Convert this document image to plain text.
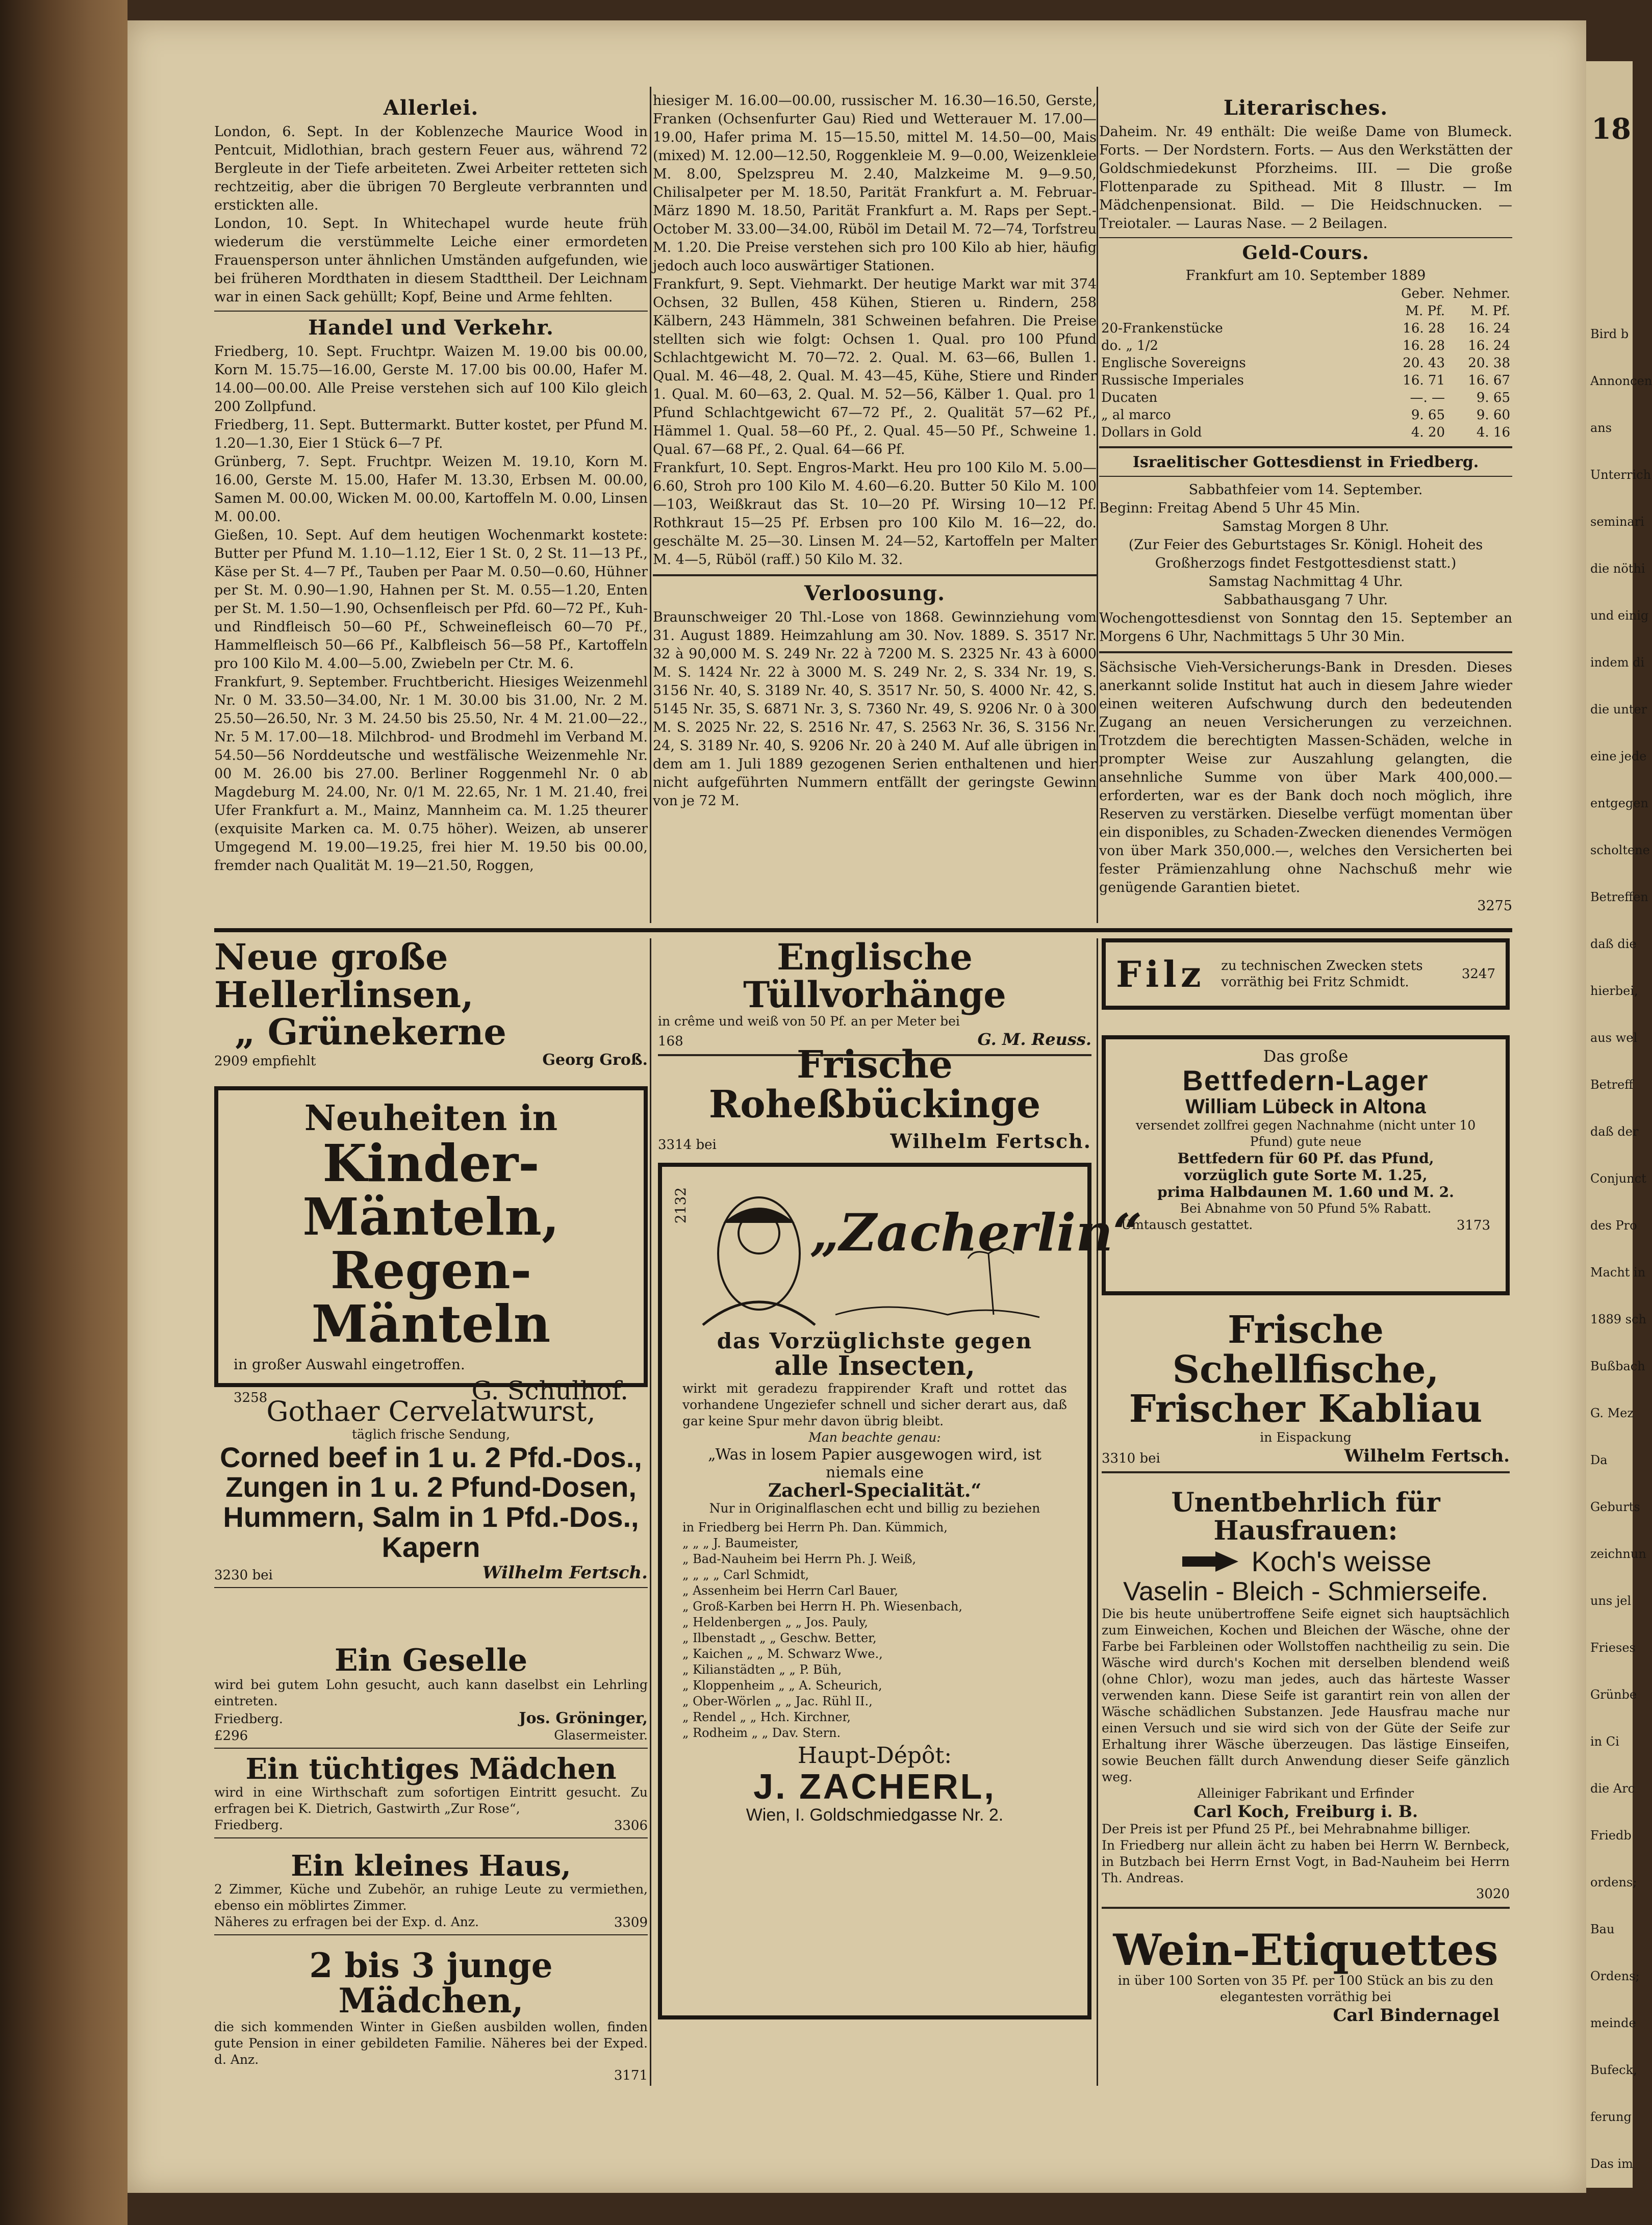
Allerlei.

London, 6. Sept. In der Koblenzeche Maurice Wood in Pentcuit, Midlothian, brach gestern Feuer aus, während 72 Bergleute in der Tiefe arbeiteten. Zwei Arbeiter retteten sich rechtzeitig, aber die übrigen 70 Bergleute verbrannten und erstickten alle.

London, 10. Sept. In Whitechapel wurde heute früh wiederum die verstümmelte Leiche einer ermordeten Frauensperson unter ähnlichen Umständen aufgefunden, wie bei früheren Mordthaten in diesem Stadttheil. Der Leichnam war in einen Sack gehüllt; Kopf, Beine und Arme fehlten.

Handel und Verkehr.

Friedberg, 10. Sept. Fruchtpr. Waizen M. 19.00 bis 00.00, Korn M. 15.75—16.00, Gerste M. 17.00 bis 00.00, Hafer M. 14.00—00.00. Alle Preise verstehen sich auf 100 Kilo gleich 200 Zollpfund.

Friedberg, 11. Sept. Buttermarkt. Butter kostet, per Pfund M. 1.20—1.30, Eier 1 Stück 6—7 Pf.

Grünberg, 7. Sept. Fruchtpr. Weizen M. 19.10, Korn M. 16.00, Gerste M. 15.00, Hafer M. 13.30, Erbsen M. 00.00, Samen M. 00.00, Wicken M. 00.00, Kartoffeln M. 0.00, Linsen M. 00.00.

Gießen, 10. Sept. Auf dem heutigen Wochenmarkt kostete: Butter per Pfund M. 1.10—1.12, Eier 1 St. 0, 2 St. 11—13 Pf., Käse per St. 4—7 Pf., Tauben per Paar M. 0.50—0.60, Hühner per St. M. 0.90—1.90, Hahnen per St. M. 0.55—1.20, Enten per St. M. 1.50—1.90, Ochsenfleisch per Pfd. 60—72 Pf., Kuh- und Rindfleisch 50—60 Pf., Schweinefleisch 60—70 Pf., Hammelfleisch 50—66 Pf., Kalbfleisch 56—58 Pf., Kartoffeln pro 100 Kilo M. 4.00—5.00, Zwiebeln per Ctr. M. 6.

Frankfurt, 9. September. Fruchtbericht. Hiesiges Weizenmehl Nr. 0 M. 33.50—34.00, Nr. 1 M. 30.00 bis 31.00, Nr. 2 M. 25.50—26.50, Nr. 3 M. 24.50 bis 25.50, Nr. 4 M. 21.00—22., Nr. 5 M. 17.00—18. Milchbrod- und Brodmehl im Verband M. 54.50—56 Norddeutsche und westfälische Weizenmehle Nr. 00 M. 26.00 bis 27.00. Berliner Roggenmehl Nr. 0 ab Magdeburg M. 24.00, Nr. 0/1 M. 22.65, Nr. 1 M. 21.40, frei Ufer Frankfurt a. M., Mainz, Mannheim ca. M. 1.25 theurer (exquisite Marken ca. M. 0.75 höher). Weizen, ab unserer Umgegend M. 19.00—19.25, frei hier M. 19.50 bis 00.00, fremder nach Qualität M. 19—21.50, Roggen,

hiesiger M. 16.00—00.00, russischer M. 16.30—16.50, Gerste, Franken (Ochsenfurter Gau) Ried und Wetterauer M. 17.00—19.00, Hafer prima M. 15—15.50, mittel M. 14.50—00, Mais (mixed) M. 12.00—12.50, Roggenkleie M. 9—0.00, Weizenkleie M. 8.00, Spelzspreu M. 2.40, Malzkeime M. 9—9.50, Chilisalpeter per M. 18.50, Parität Frankfurt a. M. Februar-März 1890 M. 18.50, Parität Frankfurt a. M. Raps per Sept.-October M. 33.00—34.00, Rüböl im Detail M. 72—74, Torfstreu M. 1.20. Die Preise verstehen sich pro 100 Kilo ab hier, häufig jedoch auch loco auswärtiger Stationen.

Frankfurt, 9. Sept. Viehmarkt. Der heutige Markt war mit 374 Ochsen, 32 Bullen, 458 Kühen, Stieren u. Rindern, 258 Kälbern, 243 Hämmeln, 381 Schweinen befahren. Die Preise stellten sich wie folgt: Ochsen 1. Qual. pro 100 Pfund Schlachtgewicht M. 70—72. 2. Qual. M. 63—66, Bullen 1. Qual. M. 46—48, 2. Qual. M. 43—45, Kühe, Stiere und Rinder 1. Qual. M. 60—63, 2. Qual. M. 52—56, Kälber 1. Qual. pro 1 Pfund Schlachtgewicht 67—72 Pf., 2. Qualität 57—62 Pf., Hämmel 1. Qual. 58—60 Pf., 2. Qual. 45—50 Pf., Schweine 1. Qual. 67—68 Pf., 2. Qual. 64—66 Pf.

Frankfurt, 10. Sept. Engros-Markt. Heu pro 100 Kilo M. 5.00—6.60, Stroh pro 100 Kilo M. 4.60—6.20. Butter 50 Kilo M. 100—103, Weißkraut das St. 10—20 Pf. Wirsing 10—12 Pf. Rothkraut 15—25 Pf. Erbsen pro 100 Kilo M. 16—22, do. geschälte M. 25—30. Linsen M. 24—52, Kartoffeln per Malter M. 4—5, Rüböl (raff.) 50 Kilo M. 32.

Verloosung.

Braunschweiger 20 Thl.-Lose von 1868. Gewinnziehung vom 31. August 1889. Heimzahlung am 30. Nov. 1889. S. 3517 Nr. 32 à 90,000 M. S. 249 Nr. 22 à 7200 M. S. 2325 Nr. 43 à 6000 M. S. 1424 Nr. 22 à 3000 M. S. 249 Nr. 2, S. 334 Nr. 19, S. 3156 Nr. 40, S. 3189 Nr. 40, S. 3517 Nr. 50, S. 4000 Nr. 42, S. 5145 Nr. 35, S. 6871 Nr. 3, S. 7360 Nr. 49, S. 9206 Nr. 0 à 300 M. S. 2025 Nr. 22, S. 2516 Nr. 47, S. 2563 Nr. 36, S. 3156 Nr. 24, S. 3189 Nr. 40, S. 9206 Nr. 20 à 240 M. Auf alle übrigen in dem am 1. Juli 1889 gezogenen Serien enthaltenen und hier nicht aufgeführten Nummern entfällt der geringste Gewinn von je 72 M.

Literarisches.

Daheim. Nr. 49 enthält: Die weiße Dame von Blumeck. Forts. — Der Nordstern. Forts. — Aus den Werkstätten der Goldschmiedekunst Pforzheims. III. — Die große Flottenparade zu Spithead. Mit 8 Illustr. — Im Mädchenpensionat. Bild. — Die Heidschnucken. — Treiotaler. — Lauras Nase. — 2 Beilagen.

Geld-Cours.

Frankfurt am 10. September 1889

	Geber.	Nehmer.
	M. Pf.	M. Pf.
20-Frankenstücke	16. 28	16. 24
do. „ 1/2	16. 28	16. 24
Englische Sovereigns	20. 43	20. 38
Russische Imperiales	16. 71	16. 67
Ducaten	—. —	9. 65
„ al marco	9. 65	9. 60
Dollars in Gold	4. 20	4. 16

Israelitischer Gottesdienst in Friedberg.

Sabbathfeier vom 14. September.

Beginn: Freitag Abend 5 Uhr 45 Min.

Samstag Morgen 8 Uhr.

(Zur Feier des Geburtstages Sr. Königl. Hoheit des Großherzogs findet Festgottesdienst statt.)

Samstag Nachmittag 4 Uhr.

Sabbathausgang 7 Uhr.

Wochengottesdienst von Sonntag den 15. September an Morgens 6 Uhr, Nachmittags 5 Uhr 30 Min.

Sächsische Vieh-Versicherungs-Bank in Dresden. Dieses anerkannt solide Institut hat auch in diesem Jahre wieder einen weiteren Aufschwung durch den bedeutenden Zugang an neuen Versicherungen zu verzeichnen. Trotzdem die berechtigten Massen-Schäden, welche in prompter Weise zur Auszahlung gelangten, die ansehnliche Summe von über Mark 400,000.— erforderten, war es der Bank doch noch möglich, ihre Reserven zu verstärken. Dieselbe verfügt momentan über ein disponibles, zu Schaden-Zwecken dienendes Vermögen von über Mark 350,000.—, welches den Versicherten bei fester Prämienzahlung ohne Nachschuß mehr wie genügende Garantien bietet.

3275

Neue große Hellerlinsen,
„ Grünekerne
2909 empfiehlt	Georg Groß.
Neuheiten in
Kinder-Mänteln,
Regen-Mänteln
in großer Auswahl eingetroffen.
3258	G. Schulhof.
Gothaer Cervelatwurst,
täglich frische Sendung,
Corned beef in 1 u. 2 Pfd.-Dos.,
Zungen in 1 u. 2 Pfund-Dosen,
Hummern, Salm in 1 Pfd.-Dos.,
Kapern
3230 bei	Wilhelm Fertsch.
Ein Geselle

wird bei gutem Lohn gesucht, auch kann daselbst ein Lehrling eintreten.

Friedberg.	Jos. Gröninger,
£296	Glasermeister.
Ein tüchtiges Mädchen

wird in eine Wirthschaft zum sofortigen Eintritt gesucht. Zu erfragen bei K. Dietrich, Gastwirth „Zur Rose“,

Friedberg.	3306
Ein kleines Haus,

2 Zimmer, Küche und Zubehör, an ruhige Leute zu vermiethen, ebenso ein möblirtes Zimmer.

Näheres zu erfragen bei der Exp. d. Anz.	3309
2 bis 3 junge Mädchen,

die sich kommenden Winter in Gießen ausbilden wollen, finden gute Pension in einer gebildeten Familie. Näheres bei der Exped. d. Anz.

3171
Englische Tüllvorhänge
in crême und weiß von 50 Pf. an per Meter bei
168	G. M. Reuss.
Frische Roheßbückinge
3314 bei	Wilhelm Fertsch.
2132 „Zacherlin“
das Vorzüglichste gegen
alle Insecten,

wirkt mit geradezu frappirender Kraft und rottet das vorhandene Ungeziefer schnell und sicher derart aus, daß gar keine Spur mehr davon übrig bleibt.

Man beachte genau:
„Was in losem Papier ausgewogen wird, ist niemals eine
Zacherl-Specialität.“
Nur in Originalflaschen echt und billig zu beziehen
in Friedberg bei Herrn Ph. Dan. Kümmich,
„ „ „ J. Baumeister,
„ Bad-Nauheim bei Herrn Ph. J. Weiß,
„ „ „ „ Carl Schmidt,
„ Assenheim bei Herrn Carl Bauer,
„ Groß-Karben bei Herrn H. Ph. Wiesenbach,
„ Heldenbergen „ „ Jos. Pauly,
„ Ilbenstadt „ „ Geschw. Better,
„ Kaichen „ „ M. Schwarz Wwe.,
„ Kilianstädten „ „ P. Büh,
„ Kloppenheim „ „ A. Scheurich,
„ Ober-Wörlen „ „ Jac. Rühl II.,
„ Rendel „ „ Hch. Kirchner,
„ Rodheim „ „ Dav. Stern.
Haupt-Dépôt:
J. ZACHERL,
Wien, I. Goldschmiedgasse Nr. 2.
Filz zu technischen Zwecken stets vorräthig bei Fritz Schmidt.
3247
Das große
Bettfedern-Lager
William Lübeck in Altona
versendet zollfrei gegen Nachnahme (nicht unter 10 Pfund) gute neue
Bettfedern für 60 Pf. das Pfund,
vorzüglich gute Sorte M. 1.25,
prima Halbdaunen M. 1.60 und M. 2.
Bei Abnahme von 50 Pfund 5% Rabatt.
Umtausch gestattet.	3173
Frische Schellfische,
Frischer Kabliau
in Eispackung
3310 bei	Wilhelm Fertsch.
Unentbehrlich für Hausfrauen:
Koch's weisse
Vaselin - Bleich - Schmierseife.

Die bis heute unübertroffene Seife eignet sich hauptsächlich zum Einweichen, Kochen und Bleichen der Wäsche, ohne der Farbe bei Farbleinen oder Wollstoffen nachtheilig zu sein. Die Wäsche wird durch's Kochen mit derselben blendend weiß (ohne Chlor), wozu man jedes, auch das härteste Wasser verwenden kann. Diese Seife ist garantirt rein von allen der Wäsche schädlichen Substanzen. Jede Hausfrau mache nur einen Versuch und sie wird sich von der Güte der Seife zur Erhaltung ihrer Wäsche überzeugen. Das lästige Einseifen, sowie Beuchen fällt durch Anwendung dieser Seife gänzlich weg.

Alleiniger Fabrikant und Erfinder
Carl Koch, Freiburg i. B.

Der Preis ist per Pfund 25 Pf., bei Mehrabnahme billiger.

In Friedberg nur allein ächt zu haben bei Herrn W. Bernbeck, in Butzbach bei Herrn Ernst Vogt, in Bad-Nauheim bei Herrn Th. Andreas.

3020
Wein-Etiquettes
in über 100 Sorten von 35 Pf. per 100 Stück an bis zu den elegantesten vorräthig bei
Carl Bindernagel
18
Bird b
Annoncen
ans
Unterrich
seminari
die nöthi
und einig
indem di
die unter
eine jede
entgegen
scholtene
Betreffen
daß die
hierbei,
aus wel
Betreff
daß der
Conjunct
des Pro
Macht in
1889 sch
Bußbach
G. Mez
Da
Geburts
zeichnun
uns jel
Frieses
Grünbe
in Ci
die Arc
Friedb
ordens;
Bau
Ordens;
meinde
Bufeck,
ferung
Das im
